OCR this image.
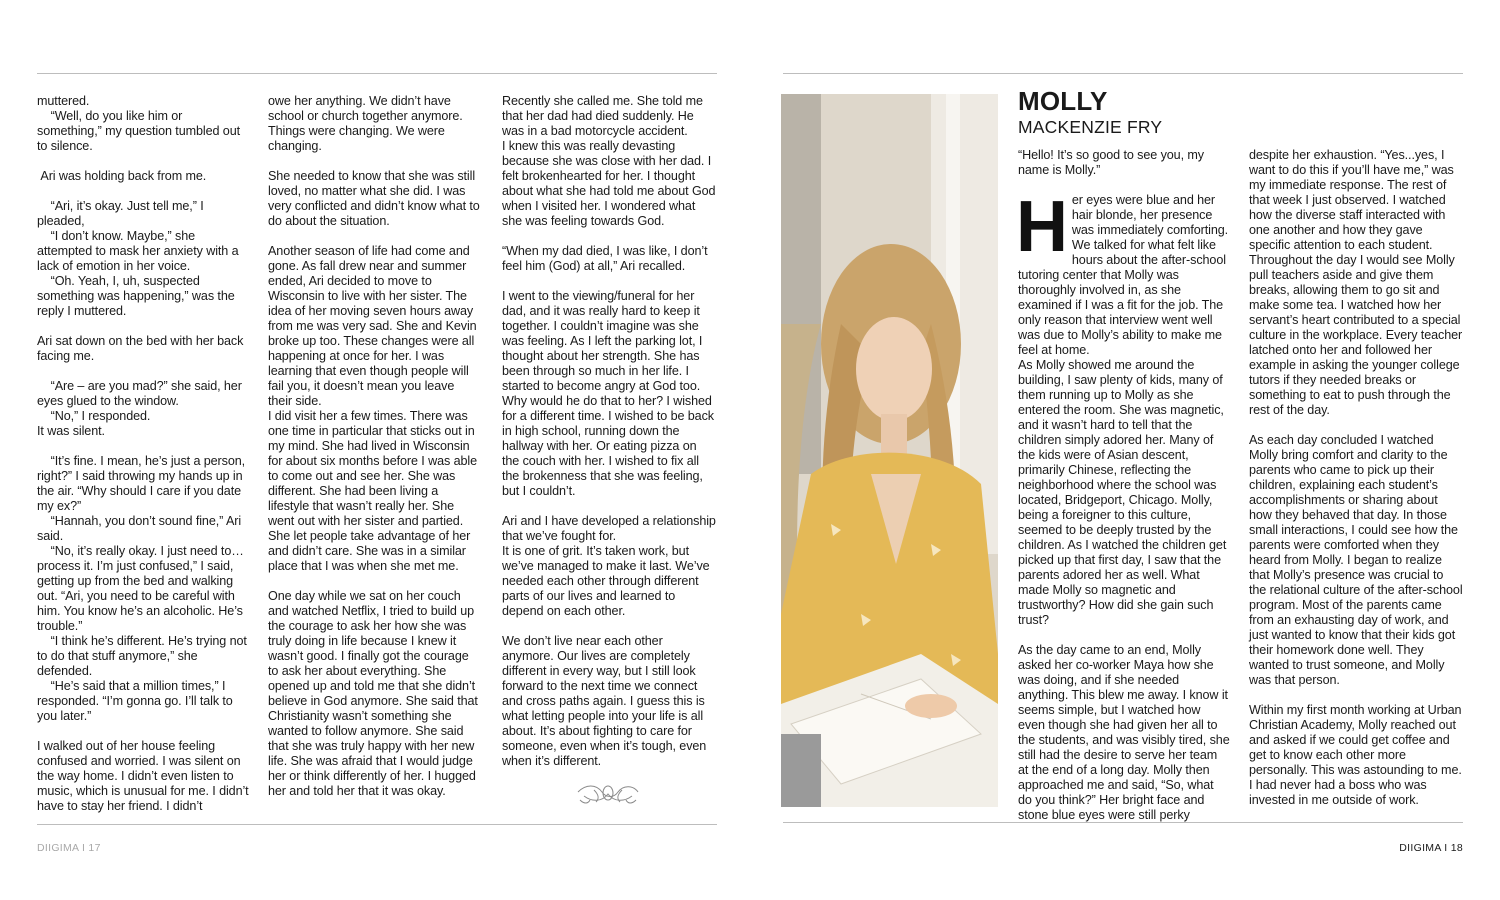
muttered.

“Well, do you like him or something,” my question tumbled out to silence.

Ari was holding back from me.

“Ari, it’s okay. Just tell me,” I pleaded,

“I don’t know. Maybe,” she attempted to mask her anxiety with a lack of emotion in her voice.

“Oh. Yeah, I, uh, suspected something was happening,” was the reply I muttered.

Ari sat down on the bed with her back facing me.

“Are – are you mad?” she said, her eyes glued to the window.

“No,” I responded.

It was silent.

“It’s fine. I mean, he’s just a person, right?” I said throwing my hands up in the air. “Why should I care if you date my ex?”

“Hannah, you don’t sound fine,” Ari said.

“No, it’s really okay. I just need to… process it. I’m just confused,” I said, getting up from the bed and walking out. “Ari, you need to be careful with him. You know he’s an alcoholic. He’s trouble.”

“I think he’s different. He’s trying not to do that stuff anymore,” she defended.

“He’s said that a million times,” I responded. “I’m gonna go. I’ll talk to you later.”

I walked out of her house feeling confused and worried. I was silent on the way home. I didn’t even listen to music, which is unusual for me. I didn’t have to stay her friend. I didn’t

owe her anything. We didn’t have school or church together anymore. Things were changing. We were changing.

She needed to know that she was still loved, no matter what she did. I was very conflicted and didn’t know what to do about the situation.

Another season of life had come and gone. As fall drew near and summer ended, Ari decided to move to Wisconsin to live with her sister. The idea of her moving seven hours away from me was very sad. She and Kevin broke up too. These changes were all happening at once for her. I was learning that even though people will fail you, it doesn’t mean you leave their side.

I did visit her a few times. There was one time in particular that sticks out in my mind. She had lived in Wisconsin for about six months before I was able to come out and see her. She was different. She had been living a lifestyle that wasn’t really her. She went out with her sister and partied. She let people take advantage of her and didn’t care. She was in a similar place that I was when she met me.

One day while we sat on her couch and watched Netflix, I tried to build up the courage to ask her how she was truly doing in life because I knew it wasn’t good. I finally got the courage to ask her about everything. She opened up and told me that she didn’t believe in God anymore. She said that Christianity wasn’t something she wanted to follow anymore. She said that she was truly happy with her new life. She was afraid that I would judge her or think differently of her. I hugged her and told her that it was okay.

Recently she called me. She told me that her dad had died suddenly. He was in a bad motorcycle accident.

I knew this was really devasting because she was close with her dad. I felt brokenhearted for her. I thought about what she had told me about God when I visited her. I wondered what she was feeling towards God.

“When my dad died, I was like, I don’t feel him (God) at all,” Ari recalled.

I went to the viewing/funeral for her dad, and it was really hard to keep it together. I couldn’t imagine was she was feeling. As I left the parking lot, I thought about her strength. She has been through so much in her life. I started to become angry at God too. Why would he do that to her? I wished for a different time. I wished to be back in high school, running down the hallway with her. Or eating pizza on the couch with her. I wished to fix all the brokenness that she was feeling, but I couldn’t.

Ari and I have developed a relationship that we’ve fought for.

It is one of grit. It’s taken work, but we’ve managed to make it last. We’ve needed each other through different parts of our lives and learned to depend on each other.

We don’t live near each other anymore. Our lives are completely different in every way, but I still look forward to the next time we connect and cross paths again. I guess this is what letting people into your life is all about. It’s about fighting to care for someone, even when it’s tough, even when it’s different.

DIIGIMA I 17
MOLLY
MACKENZIE FRY

“Hello! It’s so good to see you, my name is Molly.”

Her eyes were blue and her hair blonde, her presence was immediately comforting. We talked for what felt like hours about the after-school tutoring center that Molly was thoroughly involved in, as she examined if I was a fit for the job. The only reason that interview went well was due to Molly’s ability to make me feel at home.

As Molly showed me around the building, I saw plenty of kids, many of them running up to Molly as she entered the room. She was magnetic, and it wasn’t hard to tell that the children simply adored her. Many of the kids were of Asian descent, primarily Chinese, reflecting the neighborhood where the school was located, Bridgeport, Chicago. Molly, being a foreigner to this culture, seemed to be deeply trusted by the children. As I watched the children get picked up that first day, I saw that the parents adored her as well. What made Molly so magnetic and trustworthy? How did she gain such trust?

As the day came to an end, Molly asked her co-worker Maya how she was doing, and if she needed anything. This blew me away. I know it seems simple, but I watched how even though she had given her all to the students, and was visibly tired, she still had the desire to serve her team at the end of a long day. Molly then approached me and said, “So, what do you think?” Her bright face and stone blue eyes were still perky

despite her exhaustion. “Yes...yes, I want to do this if you’ll have me,” was my immediate response. The rest of that week I just observed. I watched how the diverse staff interacted with one another and how they gave specific attention to each student. Throughout the day I would see Molly pull teachers aside and give them breaks, allowing them to go sit and make some tea. I watched how her servant’s heart contributed to a special culture in the workplace. Every teacher latched onto her and followed her example in asking the younger college tutors if they needed breaks or something to eat to push through the rest of the day.

As each day concluded I watched Molly bring comfort and clarity to the parents who came to pick up their children, explaining each student’s accomplishments or sharing about how they behaved that day. In those small interactions, I could see how the parents were comforted when they heard from Molly. I began to realize that Molly’s presence was crucial to the relational culture of the after-school program. Most of the parents came from an exhausting day of work, and just wanted to know that their kids got their homework done well. They wanted to trust someone, and Molly was that person.

Within my first month working at Urban Christian Academy, Molly reached out and asked if we could get coffee and get to know each other more personally. This was astounding to me. I had never had a boss who was invested in me outside of work.

DIIGIMA I 18
